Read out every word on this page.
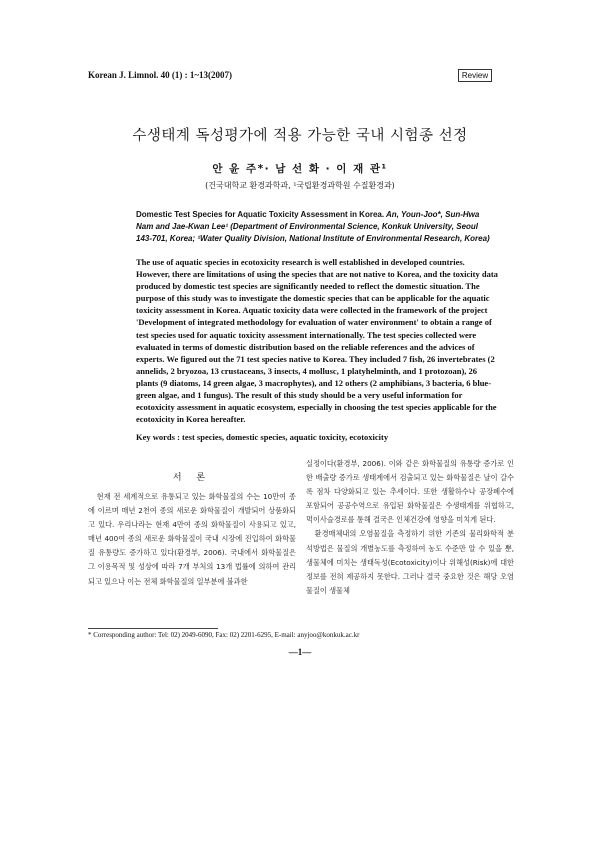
Korean J. Limnol. 40 (1) : 1~13(2007)	Review
수생태계 독성평가에 적용 가능한 국내 시험종 선정
안 윤 주*· 남 선 화 · 이 재 관¹
(건국대학교 환경과학과, ¹국립환경과학원 수질환경과)
Domestic Test Species for Aquatic Toxicity Assessment in Korea. An, Youn-Joo*, Sun-Hwa Nam and Jae-Kwan Lee¹ (Department of Environmental Science, Konkuk University, Seoul 143-701, Korea; ¹Water Quality Division, National Institute of Environmental Research, Korea)
The use of aquatic species in ecotoxicity research is well established in developed countries. However, there are limitations of using the species that are not native to Korea, and the toxicity data produced by domestic test species are significantly needed to reflect the domestic situation. The purpose of this study was to investigate the domestic species that can be applicable for the aquatic toxicity assessment in Korea. Aquatic toxicity data were collected in the framework of the project 'Development of integrated methodology for evaluation of water environment' to obtain a range of test species used for aquatic toxicity assessment internationally. The test species collected were evaluated in terms of domestic distribution based on the reliable references and the advices of experts. We figured out the 71 test species native to Korea. They included 7 fish, 26 invertebrates (2 annelids, 2 bryozoa, 13 crustaceans, 3 insects, 4 mollusc, 1 platyhelminth, and 1 protozoan), 26 plants (9 diatoms, 14 green algae, 3 macrophytes), and 12 others (2 amphibians, 3 bacteria, 6 blue-green algae, and 1 fungus). The result of this study should be a very useful information for ecotoxicity assessment in aquatic ecosystem, especially in choosing the test species applicable for the ecotoxicity in Korea hereafter.
Key words : test species, domestic species, aquatic toxicity, ecotoxicity
서 론

현재 전 세계적으로 유통되고 있는 화학물질의 수는 10만여 종에 이르며 매년 2천여 종의 새로운 화학물질이 개발되어 상품화되고 있다. 우리나라는 현재 4만여 종의 화학물질이 사용되고 있고, 매년 400여 종의 새로운 화학물질이 국내 시장에 진입하여 화학물질 유통량도 증가하고 있다(환경부, 2006). 국내에서 화학물질은 그 이용목적 및 성상에 따라 7개 부처의 13개 법률에 의하여 관리되고 있으나 이는 전체 화학물질의 일부분에 불과한

실정이다(환경부, 2006). 이와 같은 화학물질의 유통량 증가로 인한 배출량 증가로 생태계에서 검출되고 있는 화학물질은 날이 갈수록 점차 다양화되고 있는 추세이다. 또한 생활하수나 공장폐수에 포함되어 공공수역으로 유입된 화학물질은 수생태계를 위협하고, 먹이사슬경로를 통해 결국은 인체건강에 영향을 미치게 된다.

환경매체내의 오염물질을 측정하기 위한 기존의 물리화학적 분석방법은 물질의 개별농도를 측정하여 농도 수준만 알 수 있을 뿐, 생물체에 미치는 생태독성(Ecotoxicity)이나 위해성(Risk)에 대한 정보를 전혀 제공하지 못한다. 그러나 결국 중요한 것은 해당 오염물질이 생물체

* Corresponding author: Tel: 02) 2049-6090, Fax: 02) 2201-6295, E-mail: anyjoo@konkuk.ac.kr
—1—
